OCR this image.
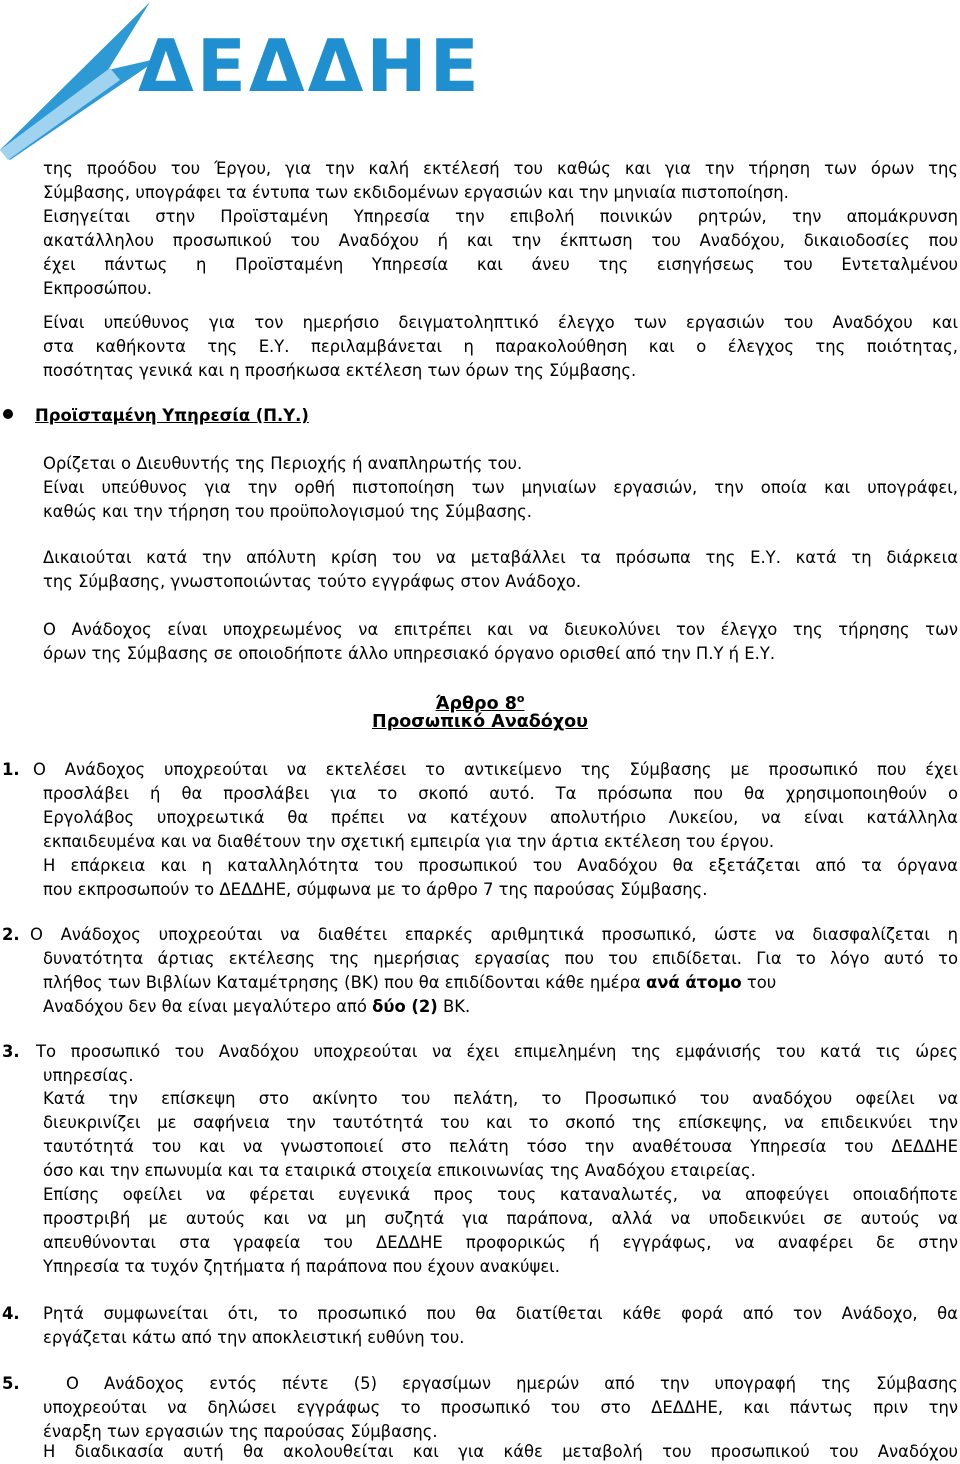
ΔΕΔΔΗΕ
της προόδου του Έργου, για την καλή εκτέλεσή του καθώς και για την τήρηση των όρων της
Σύμβασης, υπογράφει τα έντυπα των εκδιδομένων εργασιών και την μηνιαία πιστοποίηση.
Εισηγείται στην Προϊσταμένη Υπηρεσία την επιβολή ποινικών ρητρών, την απομάκρυνση
ακατάλληλου προσωπικού του Αναδόχου ή και την έκπτωση του Αναδόχου, δικαιοδοσίες που
έχει πάντως η Προϊσταμένη Υπηρεσία και άνευ της εισηγήσεως του Εντεταλμένου
Εκπροσώπου.
Είναι υπεύθυνος για τον ημερήσιο δειγματοληπτικό έλεγχο των εργασιών του Αναδόχου και
στα καθήκοντα της Ε.Υ. περιλαμβάνεται η παρακολούθηση και ο έλεγχος της ποιότητας,
ποσότητας γενικά και η προσήκωσα εκτέλεση των όρων της Σύμβασης.
Προϊσταμένη Υπηρεσία (Π.Υ.)
Ορίζεται ο Διευθυντής της Περιοχής ή αναπληρωτής του.
Είναι υπεύθυνος για την ορθή πιστοποίηση των μηνιαίων εργασιών, την οποία και υπογράφει,
καθώς και την τήρηση του προϋπολογισμού της Σύμβασης.
Δικαιούται κατά την απόλυτη κρίση του να μεταβάλλει τα πρόσωπα της Ε.Υ. κατά τη διάρκεια
της Σύμβασης, γνωστοποιώντας τούτο εγγράφως στον Ανάδοχο.
Ο Ανάδοχος είναι υποχρεωμένος να επιτρέπει και να διευκολύνει τον έλεγχο της τήρησης των
όρων της Σύμβασης σε οποιοδήποτε άλλο υπηρεσιακό όργανο ορισθεί από την Π.Υ ή Ε.Υ.
Άρθρο $8^o$
Προσωπικό Αναδόχου
1. Ο Ανάδοχος υποχρεούται να εκτελέσει το αντικείμενο της Σύμβασης με προσωπικό που έχει
προσλάβει ή θα προσλάβει για το σκοπό αυτό. Τα πρόσωπα που θα χρησιμοποιηθούν ο
Εργολάβος υποχρεωτικά θα πρέπει να κατέχουν απολυτήριο Λυκείου, να είναι κατάλληλα
εκπαιδευμένα και να διαθέτουν την σχετική εμπειρία για την άρτια εκτέλεση του έργου.
Η επάρκεια και η καταλληλότητα του προσωπικού του Αναδόχου θα εξετάζεται από τα όργανα
που εκπροσωπούν το ΔΕΔΔΗΕ, σύμφωνα με το άρθρο 7 της παρούσας Σύμβασης.
2. Ο Ανάδοχος υποχρεούται να διαθέτει επαρκές αριθμητικά προσωπικό, ώστε να διασφαλίζεται η
δυνατότητα άρτιας εκτέλεσης της ημερήσιας εργασίας που του επιδίδεται. Για το λόγο αυτό το
πλήθος των Βιβλίων Καταμέτρησης (ΒΚ) που θα επιδίδονται κάθε ημέρα ανά άτομο του
Αναδόχου δεν θα είναι μεγαλύτερο από δύο (2) ΒΚ.
3. Το προσωπικό του Αναδόχου υποχρεούται να έχει επιμελημένη της εμφάνισής του κατά τις ώρες
υπηρεσίας.
Κατά την επίσκεψη στο ακίνητο του πελάτη, το Προσωπικό του αναδόχου οφείλει να
διευκρινίζει με σαφήνεια την ταυτότητά του και το σκοπό της επίσκεψης, να επιδεικνύει την
ταυτότητά του και να γνωστοποιεί στο πελάτη τόσο την αναθέτουσα Υπηρεσία του ΔΕΔΔΗΕ
όσο και την επωνυμία και τα εταιρικά στοιχεία επικοινωνίας της Αναδόχου εταιρείας.
Επίσης οφείλει να φέρεται ευγενικά προς τους καταναλωτές, να αποφεύγει οποιαδήποτε
προστριβή με αυτούς και να μη συζητά για παράπονα, αλλά να υποδεικνύει σε αυτούς να
απευθύνονται στα γραφεία του ΔΕΔΔΗΕ προφορικώς ή εγγράφως, να αναφέρει δε στην
Υπηρεσία τα τυχόν ζητήματα ή παράπονα που έχουν ανακύψει.
4.	Ρητά συμφωνείται ότι, το προσωπικό που θα διατίθεται κάθε φορά από τον Ανάδοχο, θα
εργάζεται κάτω από την αποκλειστική ευθύνη του.
5.	Ο Ανάδοχος εντός πέντε (5) εργασίμων ημερών από την υπογραφή της Σύμβασης
υποχρεούται να δηλώσει εγγράφως το προσωπικό του στο ΔΕΔΔΗΕ, και πάντως πριν την
έναρξη των εργασιών της παρούσας Σύμβασης.
Η διαδικασία αυτή θα ακολουθείται και για κάθε μεταβολή του προσωπικού του Αναδόχου
